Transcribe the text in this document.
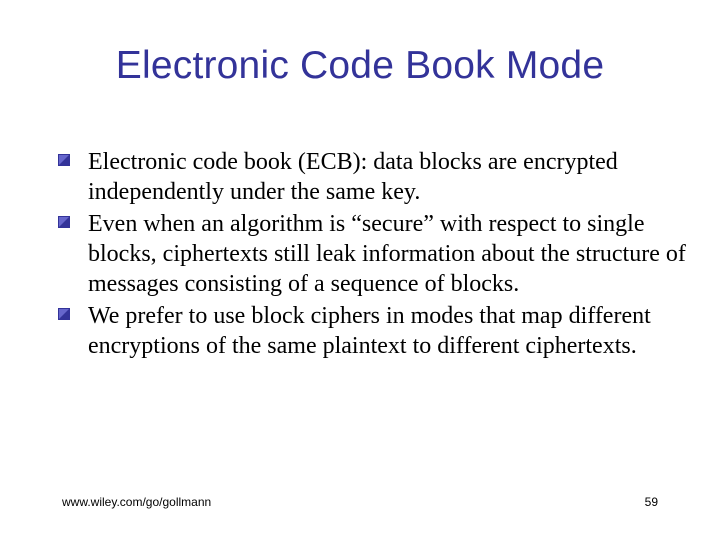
Electronic Code Book Mode
Electronic code book (ECB): data blocks are encrypted independently under the same key.
Even when an algorithm is “secure” with respect to single blocks, ciphertexts still leak information about the structure of messages consisting of a sequence of blocks.
We prefer to use block ciphers in modes that map different encryptions of the same plaintext to different ciphertexts.
www.wiley.com/go/gollmann	59
